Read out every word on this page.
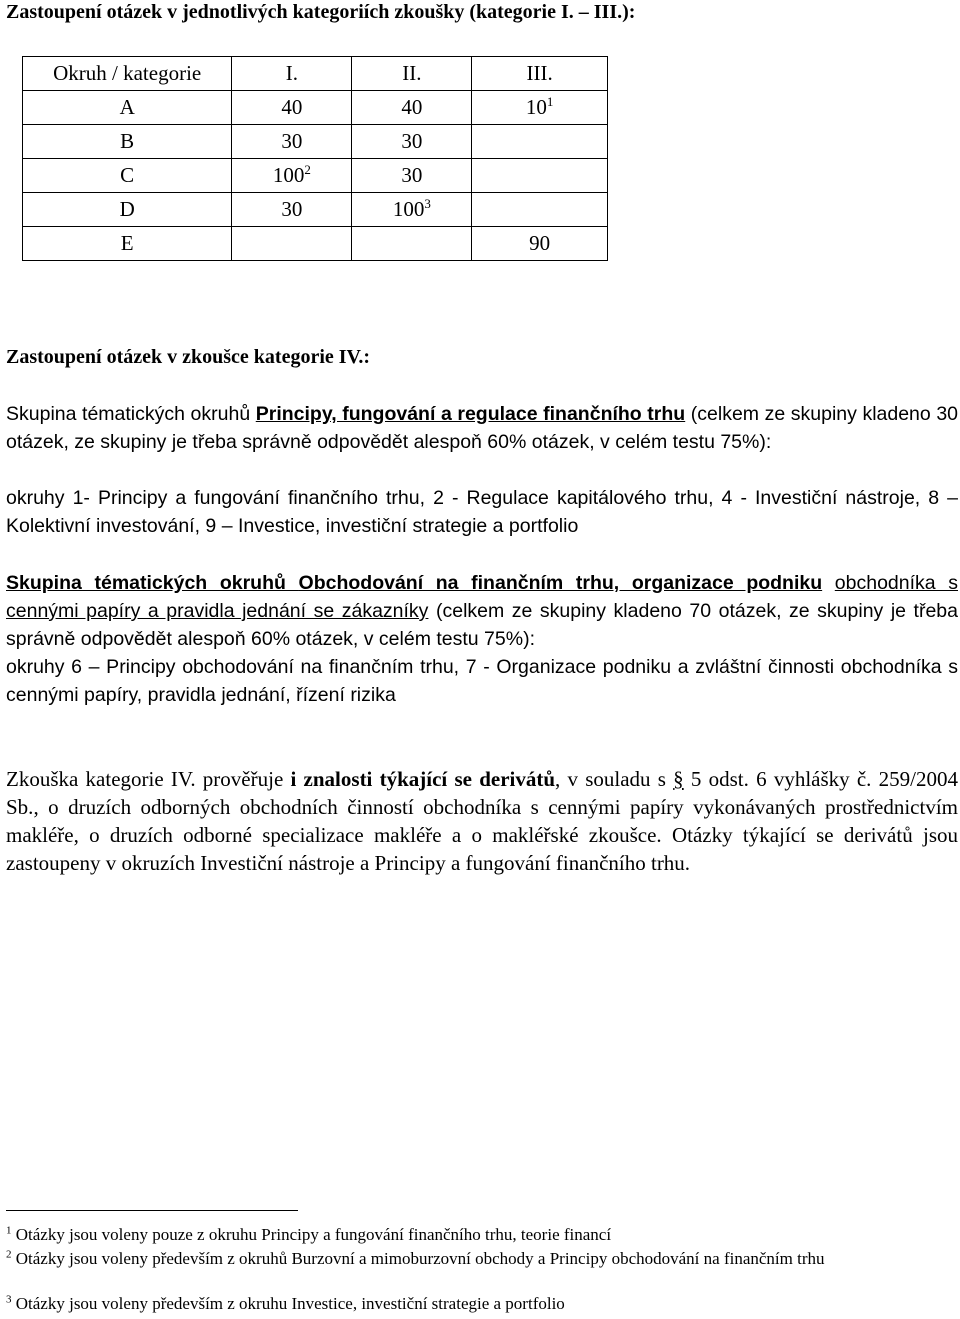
Zastoupení otázek v jednotlivých kategoriích zkoušky (kategorie I. – III.):
Okruh / kategorie	I.	II.	III.
A	40	40	$10^1$
B	30	30	
C	$100^2$	30	
D	30	$100^3$	
E			90
Zastoupení otázek v zkoušce kategorie IV.:
Skupina tématických okruhů Principy, fungování a regulace finančního trhu (celkem ze skupiny kladeno 30 otázek, ze skupiny je třeba správně odpovědět alespoň 60% otázek, v celém testu 75%):
okruhy 1- Principy a fungování finančního trhu, 2 - Regulace kapitálového trhu, 4 - Investiční nástroje, 8 – Kolektivní investování, 9 – Investice, investiční strategie a portfolio
Skupina tématických okruhů Obchodování na finančním trhu, organizace podniku obchodníka s cennými papíry a pravidla jednání se zákazníky (celkem ze skupiny kladeno 70 otázek, ze skupiny je třeba správně odpovědět alespoň 60% otázek, v celém testu 75%):
okruhy 6 – Principy obchodování na finančním trhu, 7 - Organizace podniku a zvláštní činnosti obchodníka s cennými papíry, pravidla jednání, řízení rizika
Zkouška kategorie IV. prověřuje i znalosti týkající se derivátů, v souladu s § 5 odst. 6 vyhlášky č. 259/2004 Sb., o druzích odborných obchodních činností obchodníka s cennými papíry vykonávaných prostřednictvím makléře, o druzích odborné specializace makléře a o makléřské zkoušce. Otázky týkající se derivátů jsou zastoupeny v okruzích Investiční nástroje a Principy a fungování finančního trhu.
$^1$ Otázky jsou voleny pouze z okruhu Principy a fungování finančního trhu, teorie financí
$^2$ Otázky jsou voleny především z okruhů Burzovní a mimoburzovní obchody a Principy obchodování na finančním trhu
$^3$ Otázky jsou voleny především z okruhu Investice, investiční strategie a portfolio
